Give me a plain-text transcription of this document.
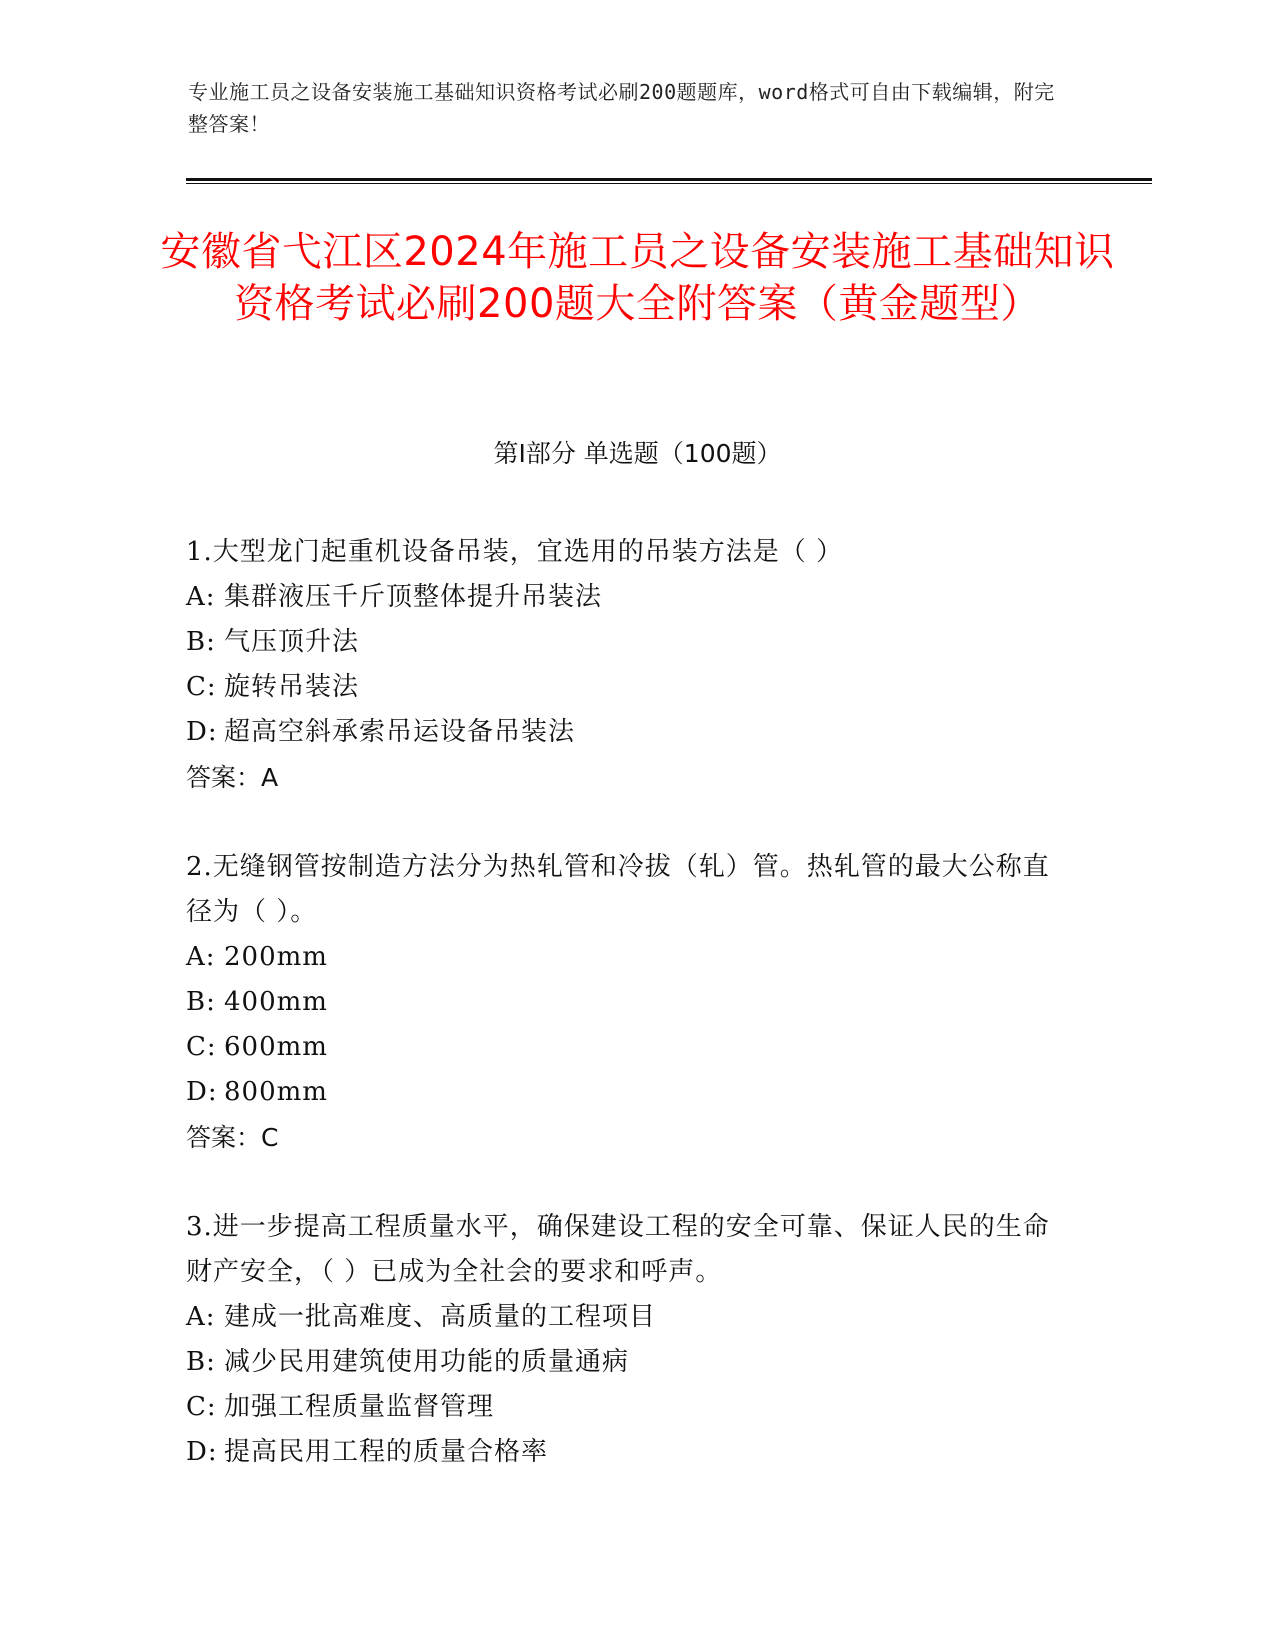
专业施工员之设备安装施工基础知识资格考试必刷200题题库，word格式可自由下载编辑，附完整答案！
安徽省弋江区2024年施工员之设备安装施工基础知识资格考试必刷200题大全附答案（黄金题型）
第Ⅰ部分 单选题（100题）
1.大型龙门起重机设备吊装，宜选用的吊装方法是（ ）
A: 集群液压千斤顶整体提升吊装法
B: 气压顶升法
C: 旋转吊装法
D: 超高空斜承索吊运设备吊装法
答案：A
2.无缝钢管按制造方法分为热轧管和冷拔（轧）管。热轧管的最大公称直径为（ ）。
A: 200mm
B: 400mm
C: 600mm
D: 800mm
答案：C
3.进一步提高工程质量水平，确保建设工程的安全可靠、保证人民的生命财产安全，（ ）已成为全社会的要求和呼声。
A: 建成一批高难度、高质量的工程项目
B: 减少民用建筑使用功能的质量通病
C: 加强工程质量监督管理
D: 提高民用工程的质量合格率
